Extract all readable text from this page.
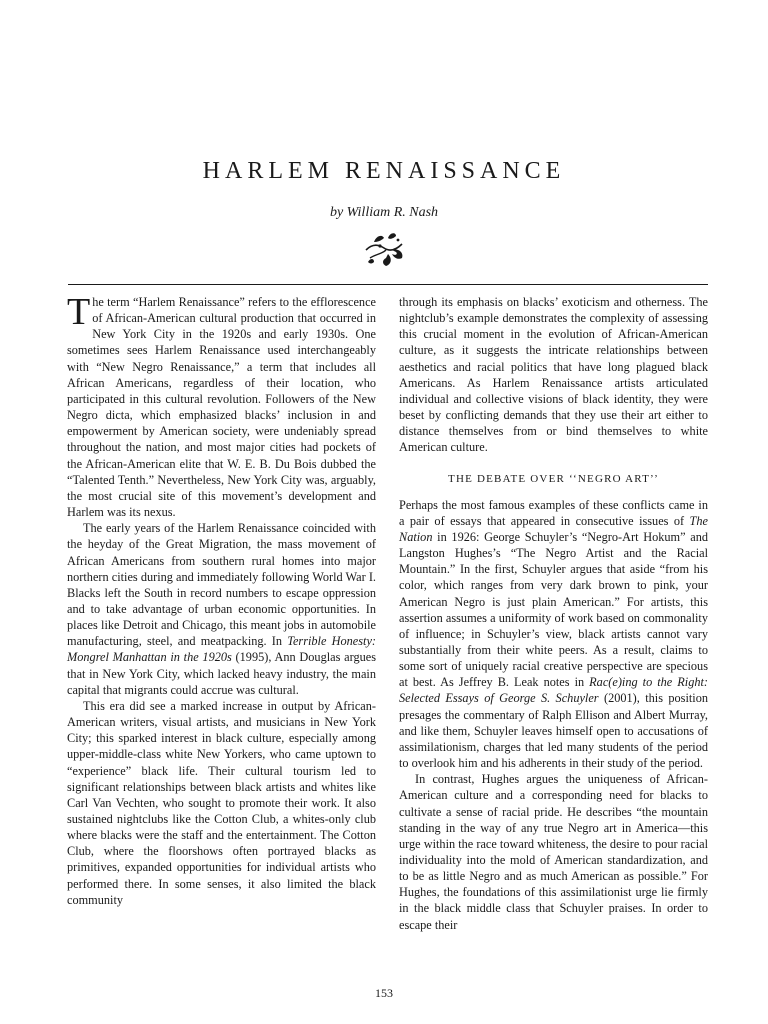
HARLEM RENAISSANCE

by William R. Nash

The term “Harlem Renaissance” refers to the efflorescence of African-American cultural production that occurred in New York City in the 1920s and early 1930s. One sometimes sees Harlem Renaissance used interchangeably with “New Negro Renaissance,” a term that includes all African Americans, regardless of their location, who participated in this cultural revolution. Followers of the New Negro dicta, which emphasized blacks’ inclusion in and empowerment by American society, were undeniably spread throughout the nation, and most major cities had pockets of the African-American elite that W. E. B. Du Bois dubbed the “Talented Tenth.” Nevertheless, New York City was, arguably, the most crucial site of this movement’s development and Harlem was its nexus.

The early years of the Harlem Renaissance coincided with the heyday of the Great Migration, the mass movement of African Americans from southern rural homes into major northern cities during and immediately following World War I. Blacks left the South in record numbers to escape oppression and to take advantage of urban economic opportunities. In places like Detroit and Chicago, this meant jobs in automobile manufacturing, steel, and meatpacking. In Terrible Honesty: Mongrel Manhattan in the 1920s (1995), Ann Douglas argues that in New York City, which lacked heavy industry, the main capital that migrants could accrue was cultural.

This era did see a marked increase in output by African-American writers, visual artists, and musicians in New York City; this sparked interest in black culture, especially among upper-middle-class white New Yorkers, who came uptown to “experience” black life. Their cultural tourism led to significant relationships between black artists and whites like Carl Van Vechten, who sought to promote their work. It also sustained nightclubs like the Cotton Club, a whites-only club where blacks were the staff and the entertainment. The Cotton Club, where the floorshows often portrayed blacks as primitives, expanded opportunities for individual artists who performed there. In some senses, it also limited the black community

through its emphasis on blacks’ exoticism and otherness. The nightclub’s example demonstrates the complexity of assessing this crucial moment in the evolution of African-American culture, as it suggests the intricate relationships between aesthetics and racial politics that have long plagued black Americans. As Harlem Renaissance artists articulated individual and collective visions of black identity, they were beset by conflicting demands that they use their art either to distance themselves from or bind themselves to white American culture.

THE DEBATE OVER ‘‘NEGRO ART’’

Perhaps the most famous examples of these conflicts came in a pair of essays that appeared in consecutive issues of The Nation in 1926: George Schuyler’s “Negro-Art Hokum” and Langston Hughes’s “The Negro Artist and the Racial Mountain.” In the first, Schuyler argues that aside “from his color, which ranges from very dark brown to pink, your American Negro is just plain American.” For artists, this assertion assumes a uniformity of work based on commonality of influence; in Schuyler’s view, black artists cannot vary substantially from their white peers. As a result, claims to some sort of uniquely racial creative perspective are specious at best. As Jeffrey B. Leak notes in Rac(e)ing to the Right: Selected Essays of George S. Schuyler (2001), this position presages the commentary of Ralph Ellison and Albert Murray, and like them, Schuyler leaves himself open to accusations of assimilationism, charges that led many students of the period to overlook him and his adherents in their study of the period.

In contrast, Hughes argues the uniqueness of African-American culture and a corresponding need for blacks to cultivate a sense of racial pride. He describes “the mountain standing in the way of any true Negro art in America—this urge within the race toward whiteness, the desire to pour racial individuality into the mold of American standardization, and to be as little Negro and as much American as possible.” For Hughes, the foundations of this assimilationist urge lie firmly in the black middle class that Schuyler praises. In order to escape their

153
